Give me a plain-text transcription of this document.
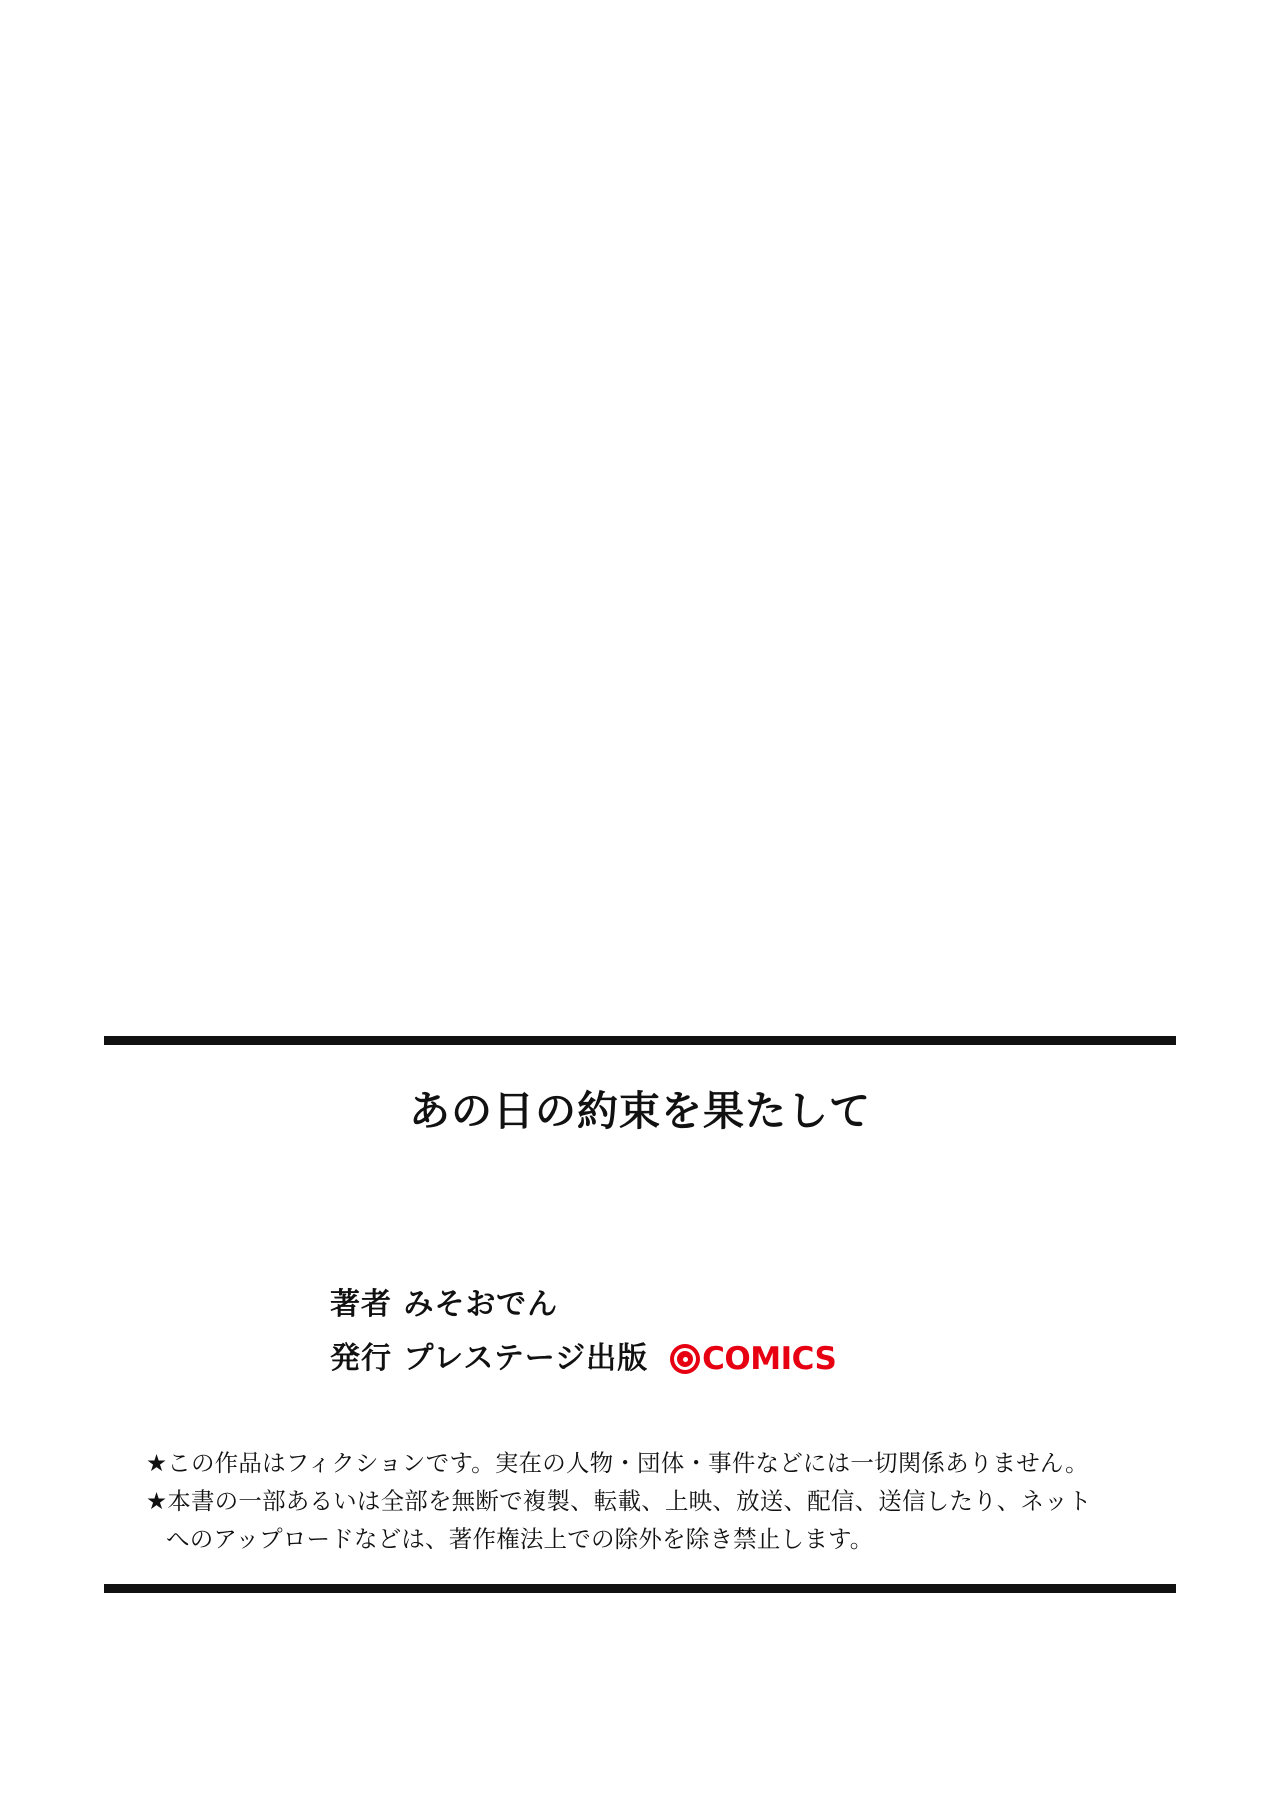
あの日の約束を果たして
著者 みそおでん
発行 プレステージ出版 COMICS
★この作品はフィクションです。実在の人物・団体・事件などには一切関係ありません。
★本書の一部あるいは全部を無断で複製、転載、上映、放送、配信、送信したり、ネット
へのアップロードなどは、著作権法上での除外を除き禁止します。
